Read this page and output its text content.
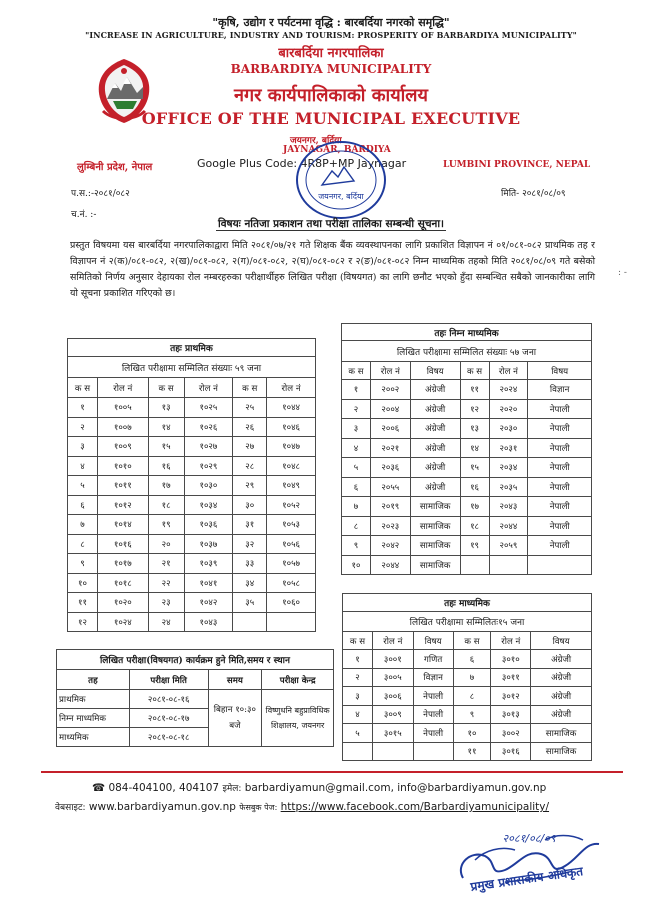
"कृषि, उद्योग र पर्यटनमा वृद्धि : बारबर्दिया नगरको समृद्धि"
"INCREASE IN AGRICULTURE, INDUSTRY AND TOURISM: PROSPERITY OF BARBARDIYA MUNICIPALITY"
बारबर्दिया नगरपालिका
BARBARDIYA MUNICIPALITY
नगर कार्यपालिकाको कार्यालय
OFFICE OF THE MUNICIPAL EXECUTIVE
जयनगर, बर्दिया
JAYNAGAR, BARDIYA
Google Plus Code: 4R8P+MP Jaynagar
लुम्बिनी प्रदेश, नेपाल	LUMBINI PROVINCE, NEPAL
जयनगर, बर्दिया
प.स.:-२०८१/०८२
च.नं. :-
मिति- २०८१/०८/०९
विषयः नतिजा प्रकाशन तथा परीक्षा तालिका सम्बन्धी सूचना।
प्रस्तुत विषयमा यस बारबर्दिया नगरपालिकाद्वारा मिति २०८१/०७/२१ गते शिक्षक बैंक व्यवस्थापनका लागि प्रकाशित विज्ञापन नं ०१/०८१-०८२ प्राथमिक तह र विज्ञापन नं २(क)/०८१-०८२, २(ख)/०८१-०८२, २(ग)/०८१-०८२, २(घ)/०८१-०८२ र २(ङ)/०८१-०८२ निम्न माध्यमिक तहको मिति २०८१/०८/०९ गते बसेको समितिको निर्णय अनुसार देहायका रोल नम्बरहरुका परीक्षार्थीहरु लिखित परीक्षा (विषयगत) का लागि छनौट भएको हुँदा सम्बन्धित सबैको जानकारीका लागि यो सूचना प्रकाशित गरिएको छ।
: -
तहः प्राथमिक					
लिखित परीक्षामा सम्मिलित संख्याः ५९ जना					
क स	रोल नं	क स	रोल नं	क स	रोल नं
१	१००५	१३	१०२५	२५	१०४४
२	१००७	१४	१०२६	२६	१०४६
३	१००९	१५	१०२७	२७	१०४७
४	१०१०	१६	१०२९	२८	१०४८
५	१०११	१७	१०३०	२९	१०४९
६	१०१२	१८	१०३४	३०	१०५२
७	१०१४	१९	१०३६	३१	१०५३
८	१०१६	२०	१०३७	३२	१०५६
९	१०१७	२१	१०३९	३३	१०५७
१०	१०१८	२२	१०४१	३४	१०५८
११	१०२०	२३	१०४२	३५	१०६०
१२	१०२४	२४	१०४३		
तहः निम्न माध्यमिक					
लिखित परीक्षामा सम्मिलित संख्याः ५७ जना					
क स	रोल नं	विषय	क स	रोल नं	विषय
१	२००२	अंग्रेजी	११	२०२४	विज्ञान
२	२००४	अंग्रेजी	१२	२०२०	नेपाली
३	२००६	अंग्रेजी	१३	२०३०	नेपाली
४	२०२१	अंग्रेजी	१४	२०३१	नेपाली
५	२०३६	अंग्रेजी	१५	२०३४	नेपाली
६	२०५५	अंग्रेजी	१६	२०३५	नेपाली
७	२०१९	सामाजिक	१७	२०४३	नेपाली
८	२०२३	सामाजिक	१८	२०४४	नेपाली
९	२०४२	सामाजिक	१९	२०५९	नेपाली
१०	२०४४	सामाजिक			
तहः माध्यमिक					
लिखित परीक्षामा सम्मिलितः१५ जना					
क स	रोल नं	विषय	क स	रोल नं	विषय
१	३००१	गणित	६	३०१०	अंग्रेजी
२	३००५	विज्ञान	७	३०११	अंग्रेजी
३	३००६	नेपाली	८	३०१२	अंग्रेजी
४	३००९	नेपाली	९	३०१३	अंग्रेजी
५	३०१५	नेपाली	१०	३००२	सामाजिक
			११	३०१६	सामाजिक
लिखित परीक्षा(विषयगत) कार्यक्रम हुने मिति,समय र स्थान			
तह	परीक्षा मिति	समय	परीक्षा केन्द्र
प्राथमिक	२०८१-०८-१६	बिहान १०:३० बजे	विष्णुधनि बहुप्राविधिक शिक्षालय, जयनगर
निम्न माध्यमिक	२०८१-०८-१७		
माध्यमिक	२०८१-०८-१८		
☎ 084-404100, 404107 इमेल: barbardiyamun@gmail.com, info@barbardiyamun.gov.np
वेबसाइट: www.barbardiyamun.gov.np फेसबुक पेज: https://www.facebook.com/Barbardiyamunicipality/
२०८१/०८/०९
प्रमुख प्रशासकीय अधिकृत
